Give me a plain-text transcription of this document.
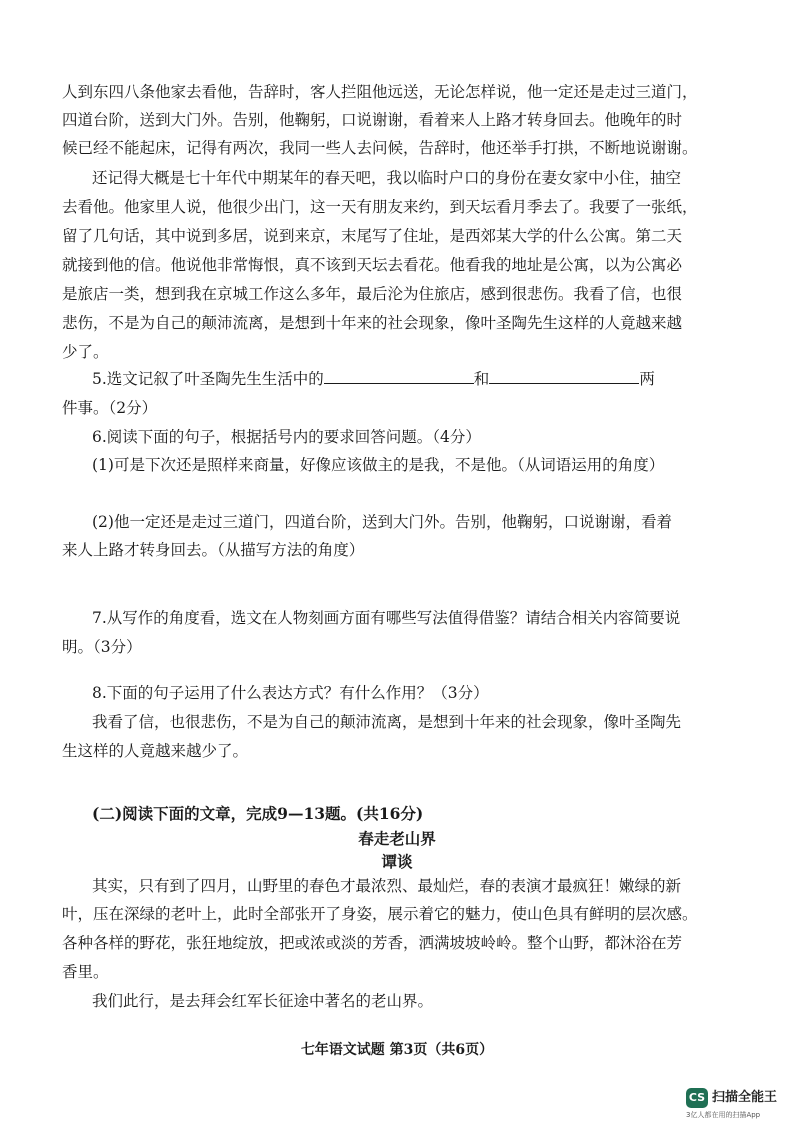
人到东四八条他家去看他，告辞时，客人拦阻他远送，无论怎样说，他一定还是走过三道门，
四道台阶，送到大门外。告别，他鞠躬，口说谢谢，看着来人上路才转身回去。他晚年的时
候已经不能起床，记得有两次，我同一些人去问候，告辞时，他还举手打拱，不断地说谢谢。
还记得大概是七十年代中期某年的春天吧，我以临时户口的身份在妻女家中小住，抽空
去看他。他家里人说，他很少出门，这一天有朋友来约，到天坛看月季去了。我要了一张纸，
留了几句话，其中说到多居，说到来京，末尾写了住址，是西郊某大学的什么公寓。第二天
就接到他的信。他说他非常悔恨，真不该到天坛去看花。他看我的地址是公寓，以为公寓必
是旅店一类，想到我在京城工作这么多年，最后沦为住旅店，感到很悲伤。我看了信，也很
悲伤，不是为自己的颠沛流离，是想到十年来的社会现象，像叶圣陶先生这样的人竟越来越
少了。
5.选文记叙了叶圣陶先生生活中的	和	两
件事。（2分）
6.阅读下面的句子，根据括号内的要求回答问题。（4分）
(1)可是下次还是照样来商量，好像应该做主的是我，不是他。（从词语运用的角度）
(2)他一定还是走过三道门，四道台阶，送到大门外。告别，他鞠躬，口说谢谢，看着
来人上路才转身回去。（从描写方法的角度）
7.从写作的角度看，选文在人物刻画方面有哪些写法值得借鉴？请结合相关内容简要说
明。（3分）
8.下面的句子运用了什么表达方式？有什么作用？（3分）
我看了信，也很悲伤，不是为自己的颠沛流离，是想到十年来的社会现象，像叶圣陶先
生这样的人竟越来越少了。
(二)阅读下面的文章，完成9—13题。(共16分)
春走老山界
谭谈
其实，只有到了四月，山野里的春色才最浓烈、最灿烂，春的表演才最疯狂！嫩绿的新
叶，压在深绿的老叶上，此时全部张开了身姿，展示着它的魅力，使山色具有鲜明的层次感。
各种各样的野花，张狂地绽放，把或浓或淡的芳香，洒满坡坡岭岭。整个山野，都沐浴在芳
香里。
我们此行，是去拜会红军长征途中著名的老山界。
七年语文试题 第3页（共6页）
CS 扫描全能王
3亿人都在用的扫描App
